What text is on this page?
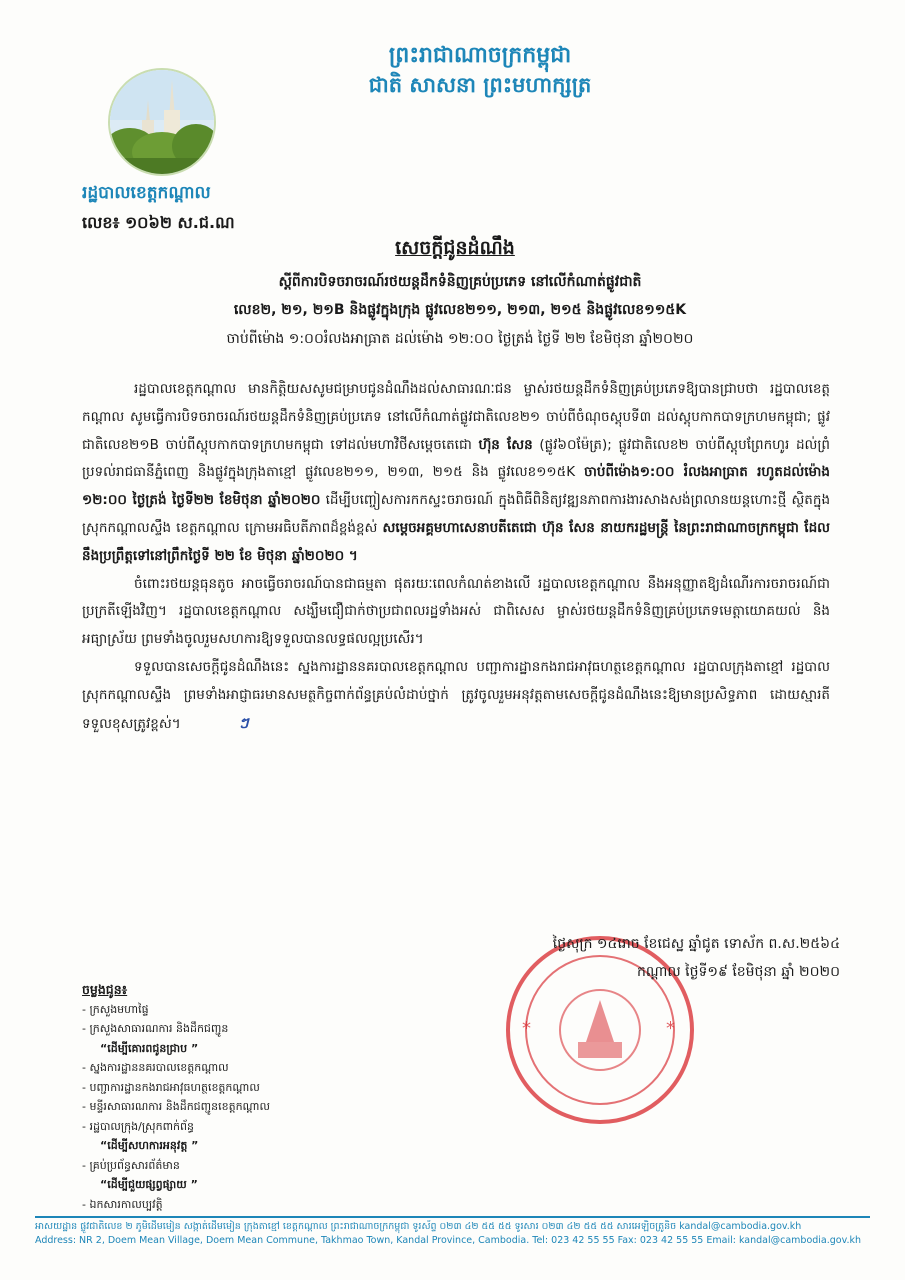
ព្រះរាជាណាចក្រកម្ពុជា
ជាតិ សាសនា ព្រះមហាក្សត្រ
រដ្ឋបាលខេត្តកណ្ដាល
លេខ៖ ១០៦២ ស.ជ.ណ
សេចក្ដីជូនដំណឹង
ស្ដីពីការបិទចរាចរណ៍រថយន្តដឹកទំនិញគ្រប់ប្រភេទ នៅលើកំណាត់ផ្លូវជាតិ
លេខ២, ២១, ២១B និងផ្លូវក្នុងក្រុង ផ្លូវលេខ២១១, ២១៣, ២១៥ និងផ្លូវលេខ១១៥K
ចាប់ពីម៉ោង ១:០០រំលងអាធ្រាត ដល់ម៉ោង ១២:០០ ថ្ងៃត្រង់ ថ្ងៃទី ២២ ខែមិថុនា ឆ្នាំ២០២០

រដ្ឋបាលខេត្តកណ្ដាល មានកិត្តិយសសូមជម្រាបជូនដំណឹងដល់សាធារណៈជន ម្ចាស់រថយន្តដឹកទំនិញគ្រប់ប្រភេទឱ្យបានជ្រាបថា រដ្ឋបាលខេត្តកណ្ដាល សូមធ្វើការបិទចរាចរណ៍រថយន្តដឹកទំនិញគ្រប់ប្រភេទ នៅលើកំណាត់ផ្លូវជាតិលេខ២១ ចាប់ពីចំណុចស្តុបទី៣ ដល់ស្តុបកាកបាទក្រហមកម្ពុជា; ផ្លូវជាតិលេខ២១B ចាប់ពីស្តុបកាកបាទក្រហមកម្ពុជា ទៅដល់មហាវិថីសម្ដេចតេជោ ហ៊ុន សែន (ផ្លូវ៦០ម៉ែត្រ); ផ្លូវជាតិលេខ២ ចាប់ពីស្តុបព្រែកហូរ ដល់ព្រំប្រទល់រាជធានីភ្នំពេញ និងផ្លូវក្នុងក្រុងតាខ្មៅ ផ្លូវលេខ២១១, ២១៣, ២១៥ និង ផ្លូវលេខ១១៥K ចាប់ពីម៉ោង១:០០ រំលងអាធ្រាត រហូតដល់ម៉ោង ១២:០០ ថ្ងៃត្រង់ ថ្ងៃទី២២ ខែមិថុនា ឆ្នាំ២០២០ ដើម្បីបញ្ចៀសការកកស្ទះចរាចរណ៍ ក្នុងពិធីពិនិត្យវឌ្ឍនភាពការងារសាងសង់ព្រលានយន្តហោះថ្មី ស្ថិតក្នុងស្រុកកណ្ដាលស្ទឹង ខេត្តកណ្ដាល ក្រោមអធិបតីភាពដ៏ខ្ពង់ខ្ពស់ សម្ដេចអគ្គមហាសេនាបតីតេជោ ហ៊ុន សែន នាយករដ្ឋមន្ត្រី នៃព្រះរាជាណាចក្រកម្ពុជា ដែលនឹងប្រព្រឹត្តទៅនៅព្រឹកថ្ងៃទី ២២ ខែ មិថុនា ឆ្នាំ២០២០ ។

ចំពោះរថយន្តធុនតូច អាចធ្វើចរាចរណ៍បានជាធម្មតា ផុតរយៈពេលកំណត់ខាងលើ រដ្ឋបាលខេត្តកណ្ដាល នឹងអនុញ្ញាតឱ្យដំណើរការចរាចរណ៍ជាប្រក្រតីឡើងវិញ។ រដ្ឋបាលខេត្តកណ្ដាល សង្ឃឹមជឿជាក់ថាប្រជាពលរដ្ឋទាំងអស់ ជាពិសេស ម្ចាស់រថយន្តដឹកទំនិញគ្រប់ប្រភេទមេត្តាយោគយល់ និងអធ្យាស្រ័យ ព្រមទាំងចូលរួមសហការឱ្យទទួលបានលទ្ធផលល្អប្រសើរ។

ទទួលបានសេចក្ដីជូនដំណឹងនេះ ស្នងការដ្ឋាននគរបាលខេត្តកណ្ដាល បញ្ជាការដ្ឋានកងរាជអាវុធហត្ថខេត្តកណ្ដាល រដ្ឋបាលក្រុងតាខ្មៅ រដ្ឋបាលស្រុកកណ្ដាលស្ទឹង ព្រមទាំងអាជ្ញាធរមានសមត្ថកិច្ចពាក់ព័ន្ធគ្រប់លំដាប់ថ្នាក់ ត្រូវចូលរួមអនុវត្តតាមសេចក្ដីជូនដំណឹងនេះឱ្យមានប្រសិទ្ធភាព ដោយស្មារតីទទួលខុសត្រូវខ្ពស់។	ៗ

*	*
ថ្ងៃសុក្រ ១៤រោច ខែជេស្ឋ ឆ្នាំជូត ទោស័ក ព.ស.២៥៦៤
កណ្ដាល ថ្ងៃទី១៩ ខែមិថុនា ឆ្នាំ ២០២០
ចម្លងជូន៖
- ក្រសួងមហាផ្ទៃ
- ក្រសួងសាធារណការ និងដឹកជញ្ជូន
“ ដើម្បីគោរពជូនជ្រាប ”
- ស្នងការដ្ឋាននគរបាលខេត្តកណ្ដាល
- បញ្ជាការដ្ឋានកងរាជអាវុធហត្ថខេត្តកណ្ដាល
- មន្ទីរសាធារណការ និងដឹកជញ្ជូនខេត្តកណ្ដាល
- រដ្ឋបាលក្រុង/ស្រុកពាក់ព័ន្ធ
“ ដើម្បីសហការអនុវត្ត ”
- គ្រប់ប្រព័ន្ធសារព័ត៌មាន
“ ដើម្បីជួយផ្សព្វផ្សាយ ”
- ឯកសារកាលប្បវត្តិ
អាសយដ្ឋាន ផ្លូវជាតិលេខ ២ ភូមិដើមមៀន សង្កាត់ដើមមៀន ក្រុងតាខ្មៅ ខេត្តកណ្ដាល ព្រះរាជាណាចក្រកម្ពុជា ទូរស័ព្ទ ០២៣ ៤២ ៥៥ ៥៥ ទូរសារ ០២៣ ៤២ ៥៥ ៥៥ សារអេឡិចត្រូនិច kandal@cambodia.gov.kh
Address: NR 2, Doem Mean Village, Doem Mean Commune, Takhmao Town, Kandal Province, Cambodia. Tel: 023 42 55 55 Fax: 023 42 55 55 Email: kandal@cambodia.gov.kh
